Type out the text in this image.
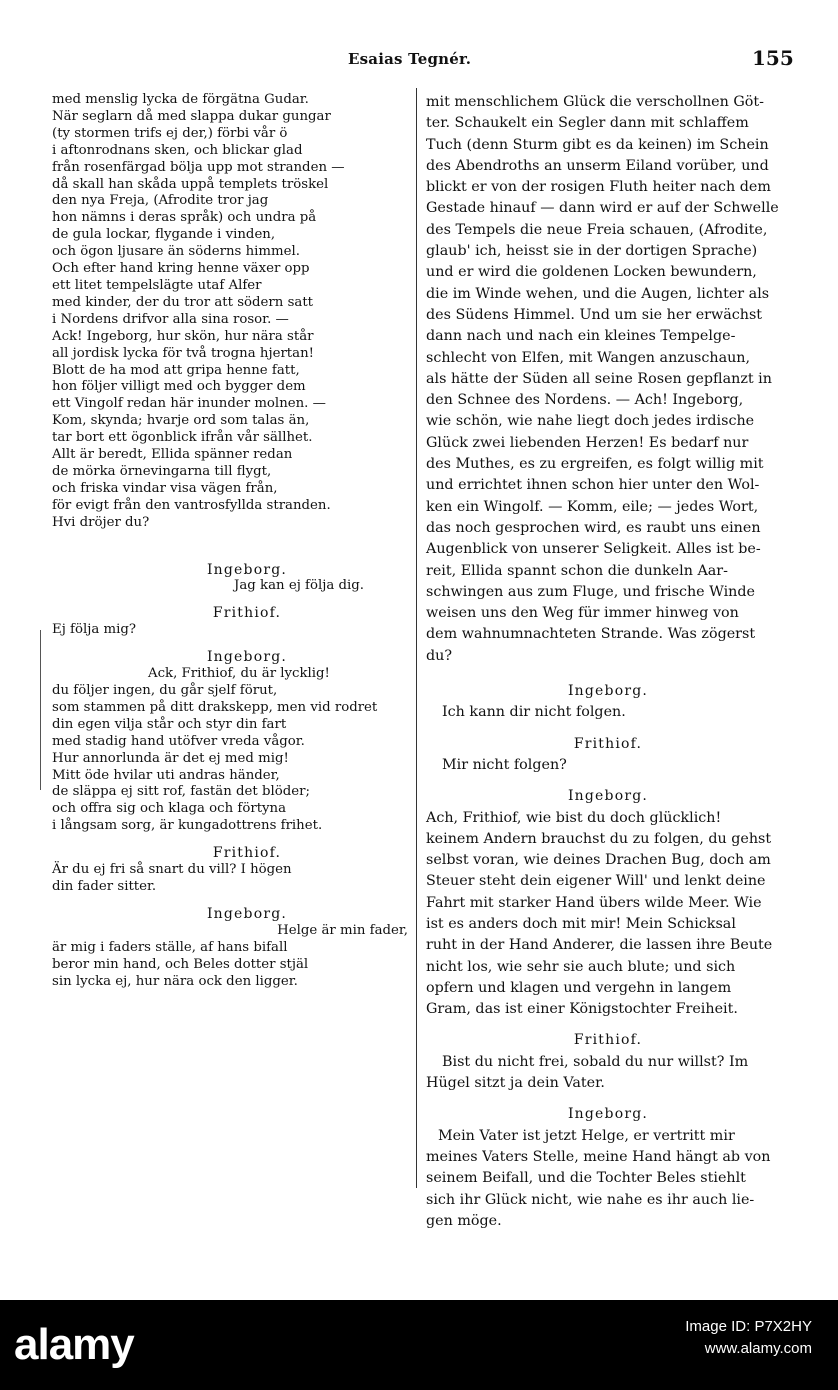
Esaias Tegnér.	155
med menslig lycka de förgätna Gudar.
När seglarn då med slappa dukar gungar
(ty stormen trifs ej der,) förbi vår ö
i aftonrodnans sken, och blickar glad
från rosenfärgad bölja upp mot stranden —
då skall han skåda uppå templets tröskel
den nya Freja, (Afrodite tror jag
hon nämns i deras språk) och undra på
de gula lockar, flygande i vinden,
och ögon ljusare än söderns himmel.
Och efter hand kring henne växer opp
ett litet tempelslägte utaf Alfer
med kinder, der du tror att södern satt
i Nordens drifvor alla sina rosor. —
Ack! Ingeborg, hur skön, hur nära står
all jordisk lycka för två trogna hjertan!
Blott de ha mod att gripa henne fatt,
hon följer villigt med och bygger dem
ett Vingolf redan här inunder molnen. —
Kom, skynda; hvarje ord som talas än,
tar bort ett ögonblick ifrån vår sällhet.
Allt är beredt, Ellida spänner redan
de mörka örnevingarna till flygt,
och friska vindar visa vägen från,
för evigt från den vantrosfyllda stranden.
Hvi dröjer du?
Ingeborg.
Jag kan ej följa dig.
Frithiof.
Ej följa mig?
Ingeborg.
Ack, Frithiof, du är lycklig!
du följer ingen, du går sjelf förut,
som stammen på ditt drakskepp, men vid rodret
din egen vilja står och styr din fart
med stadig hand utöfver vreda vågor.
Hur annorlunda är det ej med mig!
Mitt öde hvilar uti andras händer,
de släppa ej sitt rof, fastän det blöder;
och offra sig och klaga och förtyna
i långsam sorg, är kungadottrens frihet.
Frithiof.
Är du ej fri så snart du vill? I högen
din fader sitter.
Ingeborg.
Helge är min fader,
är mig i faders ställe, af hans bifall
beror min hand, och Beles dotter stjäl
sin lycka ej, hur nära ock den ligger.
mit menschlichem Glück die verschollnen Göt-
ter. Schaukelt ein Segler dann mit schlaffem
Tuch (denn Sturm gibt es da keinen) im Schein
des Abendroths an unserm Eiland vorüber, und
blickt er von der rosigen Fluth heiter nach dem
Gestade hinauf — dann wird er auf der Schwelle
des Tempels die neue Freia schauen, (Afrodite,
glaub' ich, heisst sie in der dortigen Sprache)
und er wird die goldenen Locken bewundern,
die im Winde wehen, und die Augen, lichter als
des Südens Himmel. Und um sie her erwächst
dann nach und nach ein kleines Tempelge-
schlecht von Elfen, mit Wangen anzuschaun,
als hätte der Süden all seine Rosen gepflanzt in
den Schnee des Nordens. — Ach! Ingeborg,
wie schön, wie nahe liegt doch jedes irdische
Glück zwei liebenden Herzen! Es bedarf nur
des Muthes, es zu ergreifen, es folgt willig mit
und errichtet ihnen schon hier unter den Wol-
ken ein Wingolf. — Komm, eile; — jedes Wort,
das noch gesprochen wird, es raubt uns einen
Augenblick von unserer Seligkeit. Alles ist be-
reit, Ellida spannt schon die dunkeln Aar-
schwingen aus zum Fluge, und frische Winde
weisen uns den Weg für immer hinweg von
dem wahnumnachteten Strande. Was zögerst
du?
Ingeborg.
Ich kann dir nicht folgen.
Frithiof.
Mir nicht folgen?
Ingeborg.
Ach, Frithiof, wie bist du doch glücklich!
keinem Andern brauchst du zu folgen, du gehst
selbst voran, wie deines Drachen Bug, doch am
Steuer steht dein eigener Will' und lenkt deine
Fahrt mit starker Hand übers wilde Meer. Wie
ist es anders doch mit mir! Mein Schicksal
ruht in der Hand Anderer, die lassen ihre Beute
nicht los, wie sehr sie auch blute; und sich
opfern und klagen und vergehn in langem
Gram, das ist einer Königstochter Freiheit.
Frithiof.
Bist du nicht frei, sobald du nur willst? Im
Hügel sitzt ja dein Vater.
Ingeborg.
Mein Vater ist jetzt Helge, er vertritt mir
meines Vaters Stelle, meine Hand hängt ab von
seinem Beifall, und die Tochter Beles stiehlt
sich ihr Glück nicht, wie nahe es ihr auch lie-
gen möge.
alamy	Image ID: P7X2HY
www.alamy.com
